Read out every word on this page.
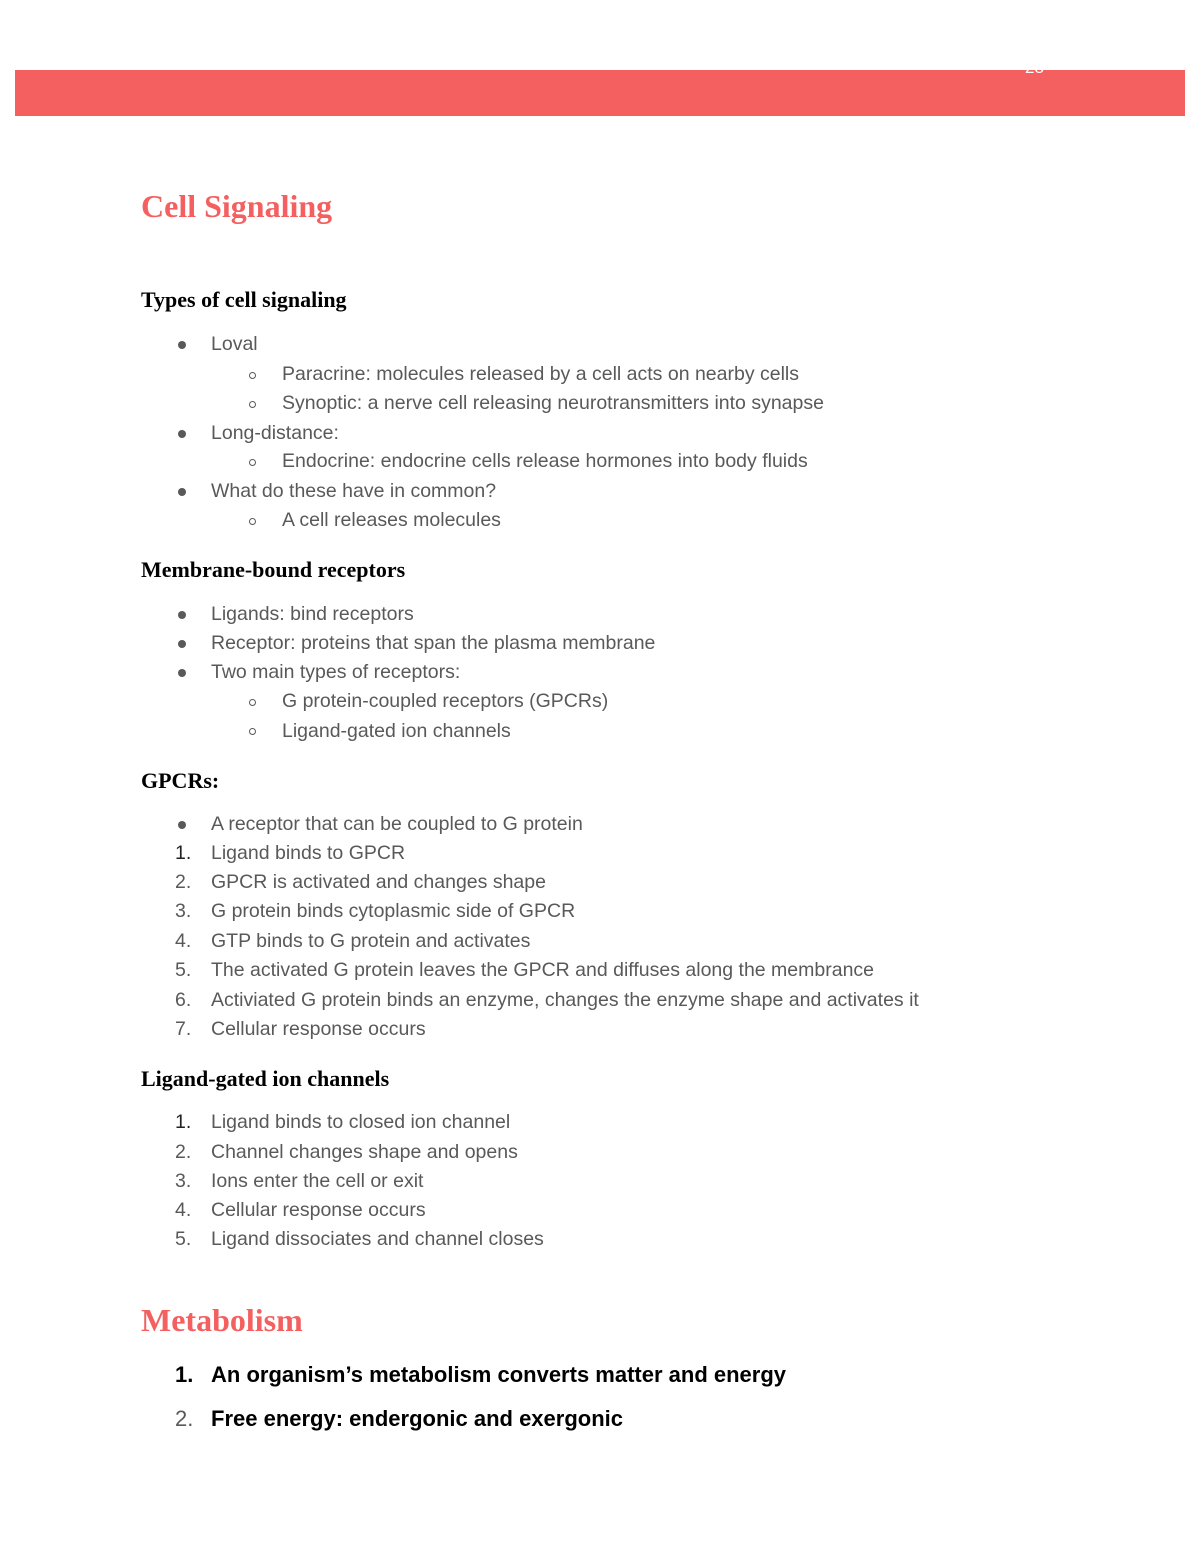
28
Cell Signaling
Types of cell signaling
Loval
Paracrine: molecules released by a cell acts on nearby cells
Synoptic: a nerve cell releasing neurotransmitters into synapse
Long-distance:
Endocrine: endocrine cells release hormones into body fluids
What do these have in common?
A cell releases molecules
Membrane-bound receptors
Ligands: bind receptors
Receptor: proteins that span the plasma membrane
Two main types of receptors:
G protein-coupled receptors (GPCRs)
Ligand-gated ion channels
GPCRs:
A receptor that can be coupled to G protein
1. Ligand binds to GPCR
2. GPCR is activated and changes shape
3. G protein binds cytoplasmic side of GPCR
4. GTP binds to G protein and activates
5. The activated G protein leaves the GPCR and diffuses along the membrance
6. Activiated G protein binds an enzyme, changes the enzyme shape and activates it
7. Cellular response occurs
Ligand-gated ion channels
1. Ligand binds to closed ion channel
2. Channel changes shape and opens
3. Ions enter the cell or exit
4. Cellular response occurs
5. Ligand dissociates and channel closes
Metabolism
1. An organism’s metabolism converts matter and energy
2. Free energy: endergonic and exergonic
